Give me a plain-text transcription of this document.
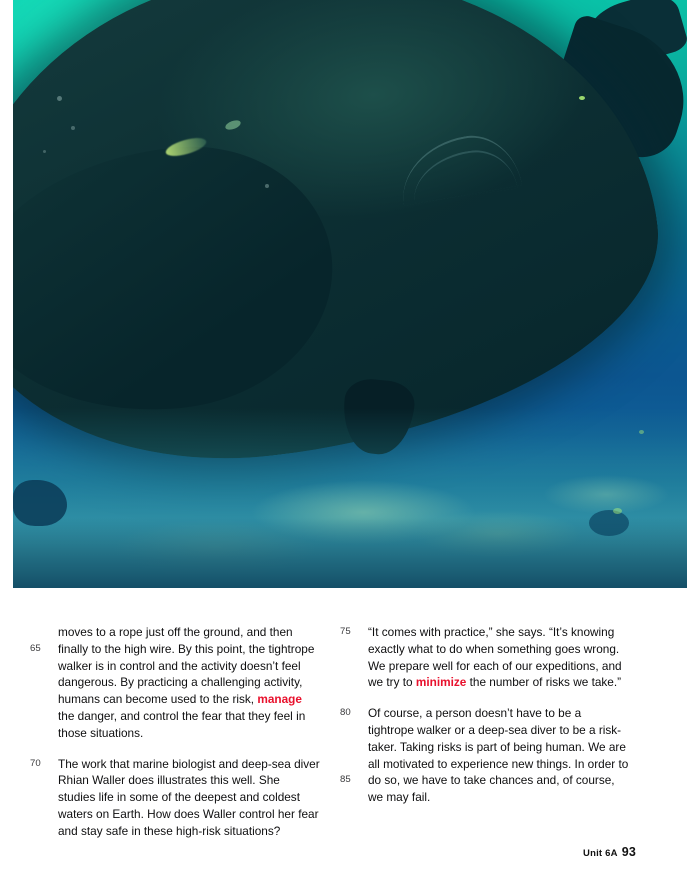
65
moves to a rope just off the ground, and then finally to the high wire. By this point, the tightrope walker is in control and the activity doesn’t feel dangerous. By practicing a challenging activity, humans can become used to the risk, manage the danger, and control the fear that they feel in those situations.

70 The work that marine biologist and deep-sea diver Rhian Waller does illustrates this well. She studies life in some of the deepest and coldest waters on Earth. How does Waller control her fear and stay safe in these high-risk situations?

75 “It comes with practice,” she says. “It’s knowing exactly what to do when something goes wrong. We prepare well for each of our expeditions, and we try to minimize the number of risks we take.”

80
85
Of course, a person doesn’t have to be a tightrope walker or a deep-sea diver to be a risk-taker. Taking risks is part of being human. We are all motivated to experience new things. In order to do so, we have to take chances and, of course, we may fail.

Unit 6A 93
